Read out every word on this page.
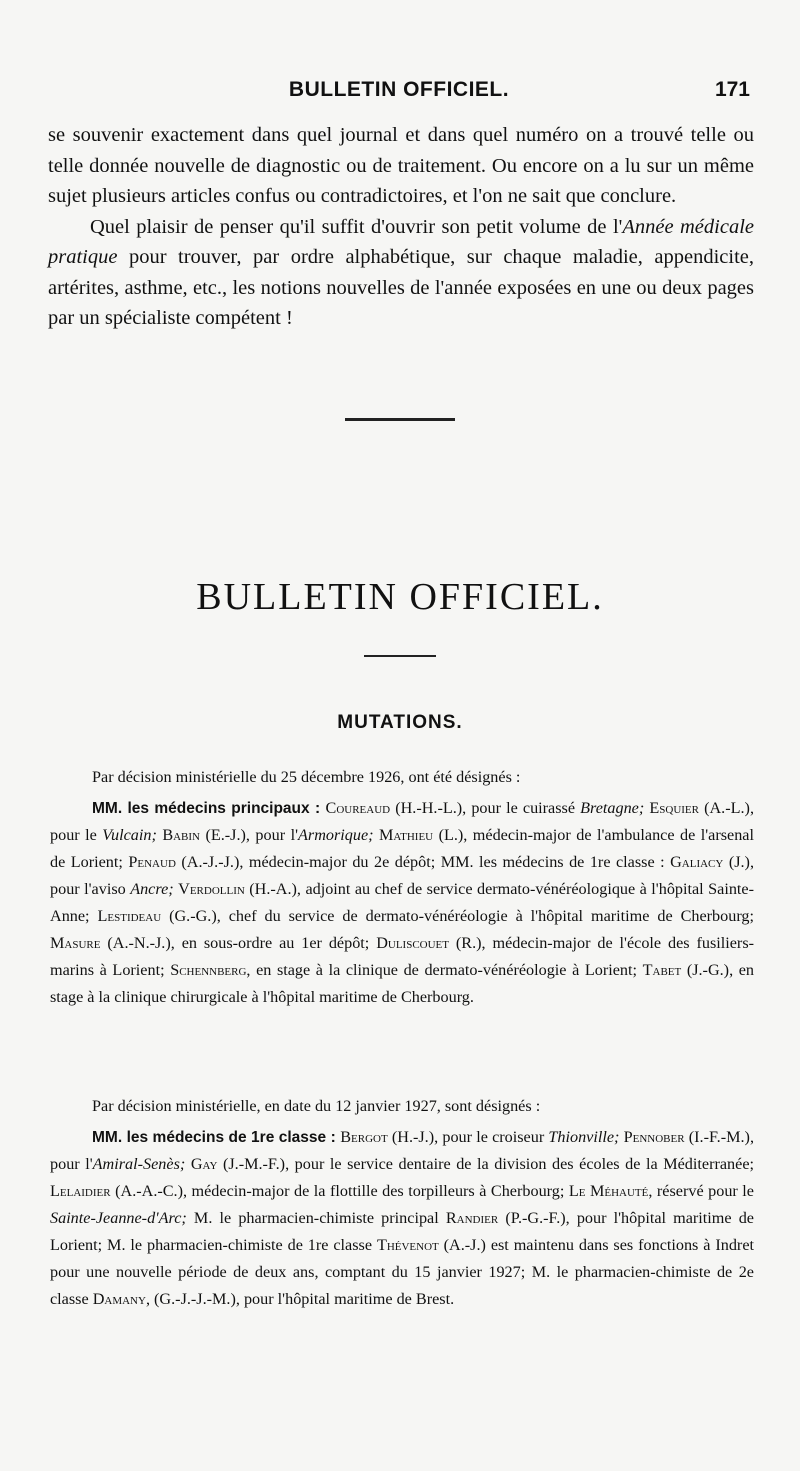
BULLETIN OFFICIEL.	171

se souvenir exactement dans quel journal et dans quel numéro on a trouvé telle ou telle donnée nouvelle de diagnostic ou de traitement. Ou encore on a lu sur un même sujet plusieurs articles confus ou contradictoires, et l'on ne sait que conclure.

Quel plaisir de penser qu'il suffit d'ouvrir son petit volume de l'Année médicale pratique pour trouver, par ordre alphabétique, sur chaque maladie, appendicite, artérites, asthme, etc., les notions nouvelles de l'année exposées en une ou deux pages par un spécialiste compétent !

BULLETIN OFFICIEL.
MUTATIONS.

Par décision ministérielle du 25 décembre 1926, ont été désignés :

MM. les médecins principaux : Coureaud (H.-H.-L.), pour le cuirassé Bretagne; Esquier (A.-L.), pour le Vulcain; Babin (E.-J.), pour l'Armorique; Mathieu (L.), médecin-major de l'ambulance de l'arsenal de Lorient; Penaud (A.-J.-J.), médecin-major du 2e dépôt; MM. les médecins de 1re classe : Galiacy (J.), pour l'aviso Ancre; Verdollin (H.-A.), adjoint au chef de service dermato-vénéréologique à l'hôpital Sainte-Anne; Lestideau (G.-G.), chef du service de dermato-vénéréologie à l'hôpital maritime de Cherbourg; Masure (A.-N.-J.), en sous-ordre au 1er dépôt; Duliscouet (R.), médecin-major de l'école des fusiliers-marins à Lorient; Schennberg, en stage à la clinique de dermato-vénéréologie à Lorient; Tabet (J.-G.), en stage à la clinique chirurgicale à l'hôpital maritime de Cherbourg.

Par décision ministérielle, en date du 12 janvier 1927, sont désignés :

MM. les médecins de 1re classe : Bergot (H.-J.), pour le croiseur Thionville; Pennober (I.-F.-M.), pour l'Amiral-Senès; Gay (J.-M.-F.), pour le service dentaire de la division des écoles de la Méditerranée; Lelaidier (A.-A.-C.), médecin-major de la flottille des torpilleurs à Cherbourg; Le Méhauté, réservé pour le Sainte-Jeanne-d'Arc; M. le pharmacien-chimiste principal Randier (P.-G.-F.), pour l'hôpital maritime de Lorient; M. le pharmacien-chimiste de 1re classe Thévenot (A.-J.) est maintenu dans ses fonctions à Indret pour une nouvelle période de deux ans, comptant du 15 janvier 1927; M. le pharmacien-chimiste de 2e classe Damany, (G.-J.-J.-M.), pour l'hôpital maritime de Brest.
